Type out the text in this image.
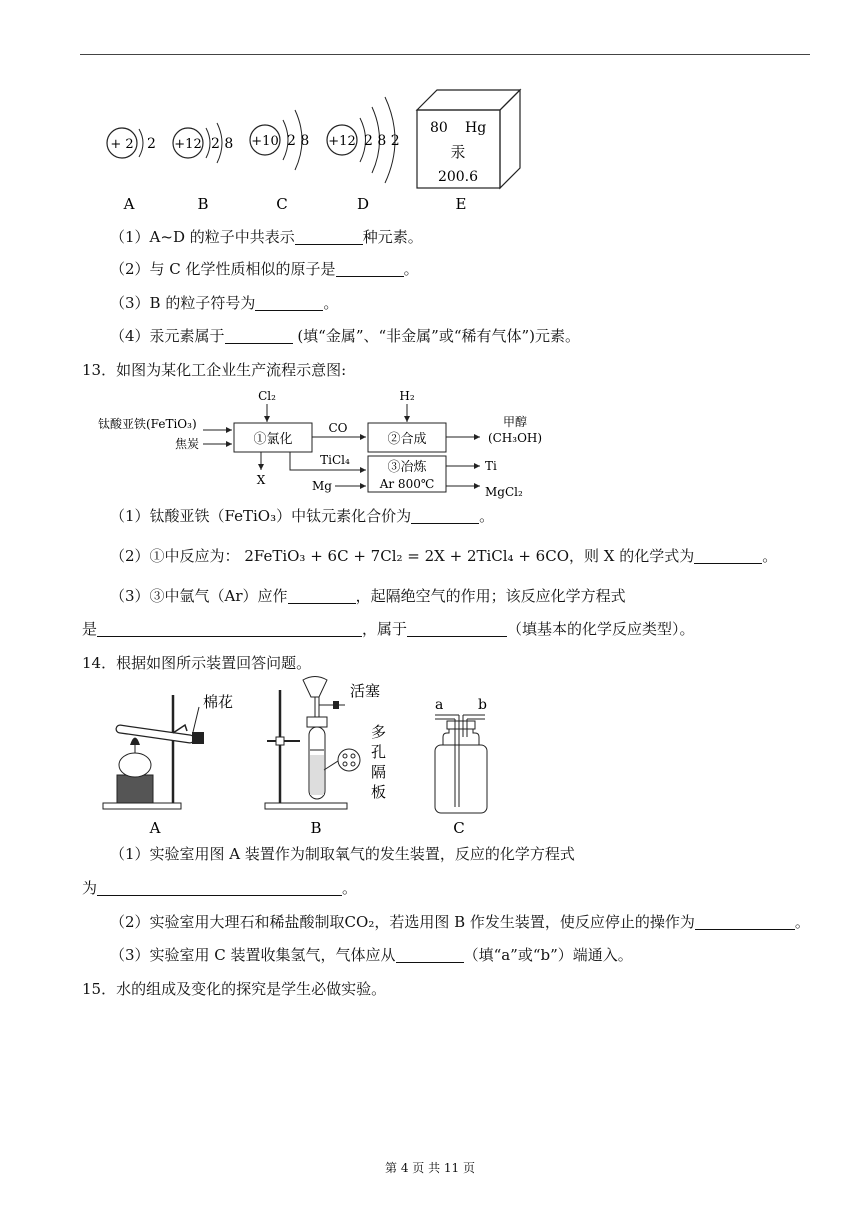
+ 2 2
A
+12 2 8
B
+10 2 8
C
+12 2 8 2
D
80 Hg
汞
200.6
E
（1）A~D 的粒子中共表示	种元素。
（2）与 C 化学性质相似的原子是	。
（3）B 的粒子符号为	。
（4）汞元素属于	(填“金属”、“非金属”或“稀有气体”)元素。
13．如图为某化工企业生产流程示意图:
钛酸亚铁(FeTiO₃)
焦炭
Cl₂
①氯化
CO
X
TiCl₄
H₂
②合成
甲醇
(CH₃OH)
③冶炼
Ar 800℃
Mg
Ti
MgCl₂
（1）钛酸亚铁（FeTiO₃）中钛元素化合价为	。
（2）①中反应为： 2FeTiO₃ + 6C + 7Cl₂ = 2X + 2TiCl₄ + 6CO，则 X 的化学式为	。
（3）③中氩气（Ar）应作	，起隔绝空气的作用；该反应化学方程式
是	，属于	（填基本的化学反应类型）。
14．根据如图所示装置回答问题。
棉花
A
活塞
多
孔
隔
板
B
a b
C
（1）实验室用图 A 装置作为制取氧气的发生装置，反应的化学方程式
为	。
（2）实验室用大理石和稀盐酸制取CO₂，若选用图 B 作发生装置，使反应停止的操作为	。
（3）实验室用 C 装置收集氢气，气体应从	（填“a”或“b”）端通入。
15．水的组成及变化的探究是学生必做实验。
第 4 页 共 11 页
